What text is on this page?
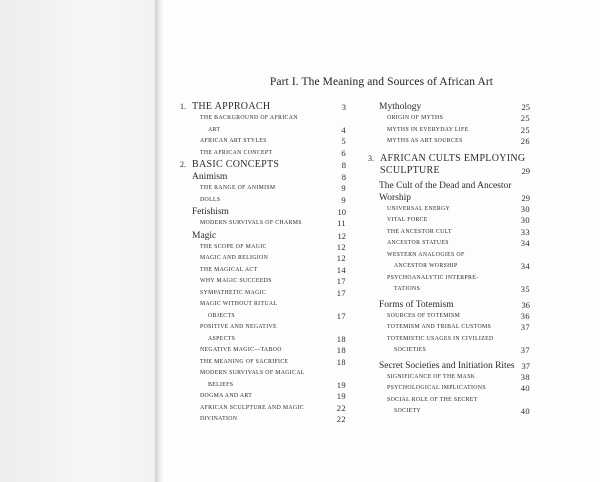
Part I. The Meaning and Sources of African Art
1. THE APPROACH	3
THE BACKGROUND OF AFRICAN
ART	4
AFRICAN ART STYLES	5
THE AFRICAN CONCEPT	6
2. BASIC CONCEPTS	8
Animism	8
THE RANGE OF ANIMISM	9
DOLLS	9
Fetishism	10
MODERN SURVIVALS OF CHARMS	11
Magic	12
THE SCOPE OF MAGIC	12
MAGIC AND RELIGION	12
THE MAGICAL ACT	14
WHY MAGIC SUCCEEDS	17
SYMPATHETIC MAGIC	17
MAGIC WITHOUT RITUAL
OBJECTS	17
POSITIVE AND NEGATIVE
ASPECTS	18
NEGATIVE MAGIC—TABOO	18
THE MEANING OF SACRIFICE	18
MODERN SURVIVALS OF MAGICAL
BELIEFS	19
DOGMA AND ART	19
AFRICAN SCULPTURE AND MAGIC	22
DIVINATION	22
Mythology	25
ORIGIN OF MYTHS	25
MYTHS IN EVERYDAY LIFE	25
MYTHS AS ART SOURCES	26
3. AFRICAN CULTS EMPLOYING
SCULPTURE	29
The Cult of the Dead and Ancestor
Worship	29
UNIVERSAL ENERGY	30
VITAL FORCE	30
THE ANCESTOR CULT	33
ANCESTOR STATUES	34
WESTERN ANALOGIES OF
ANCESTOR WORSHIP	34
PSYCHOANALYTIC INTERPRE-
TATIONS	35
Forms of Totemism	36
SOURCES OF TOTEMISM	36
TOTEMISM AND TRIBAL CUSTOMS	37
TOTEMISTIC USAGES IN CIVILIZED
SOCIETIES	37
Secret Societies and Initiation Rites 37
SIGNIFICANCE OF THE MASK	38
PSYCHOLOGICAL IMPLICATIONS	40
SOCIAL ROLE OF THE SECRET
SOCIETY	40
